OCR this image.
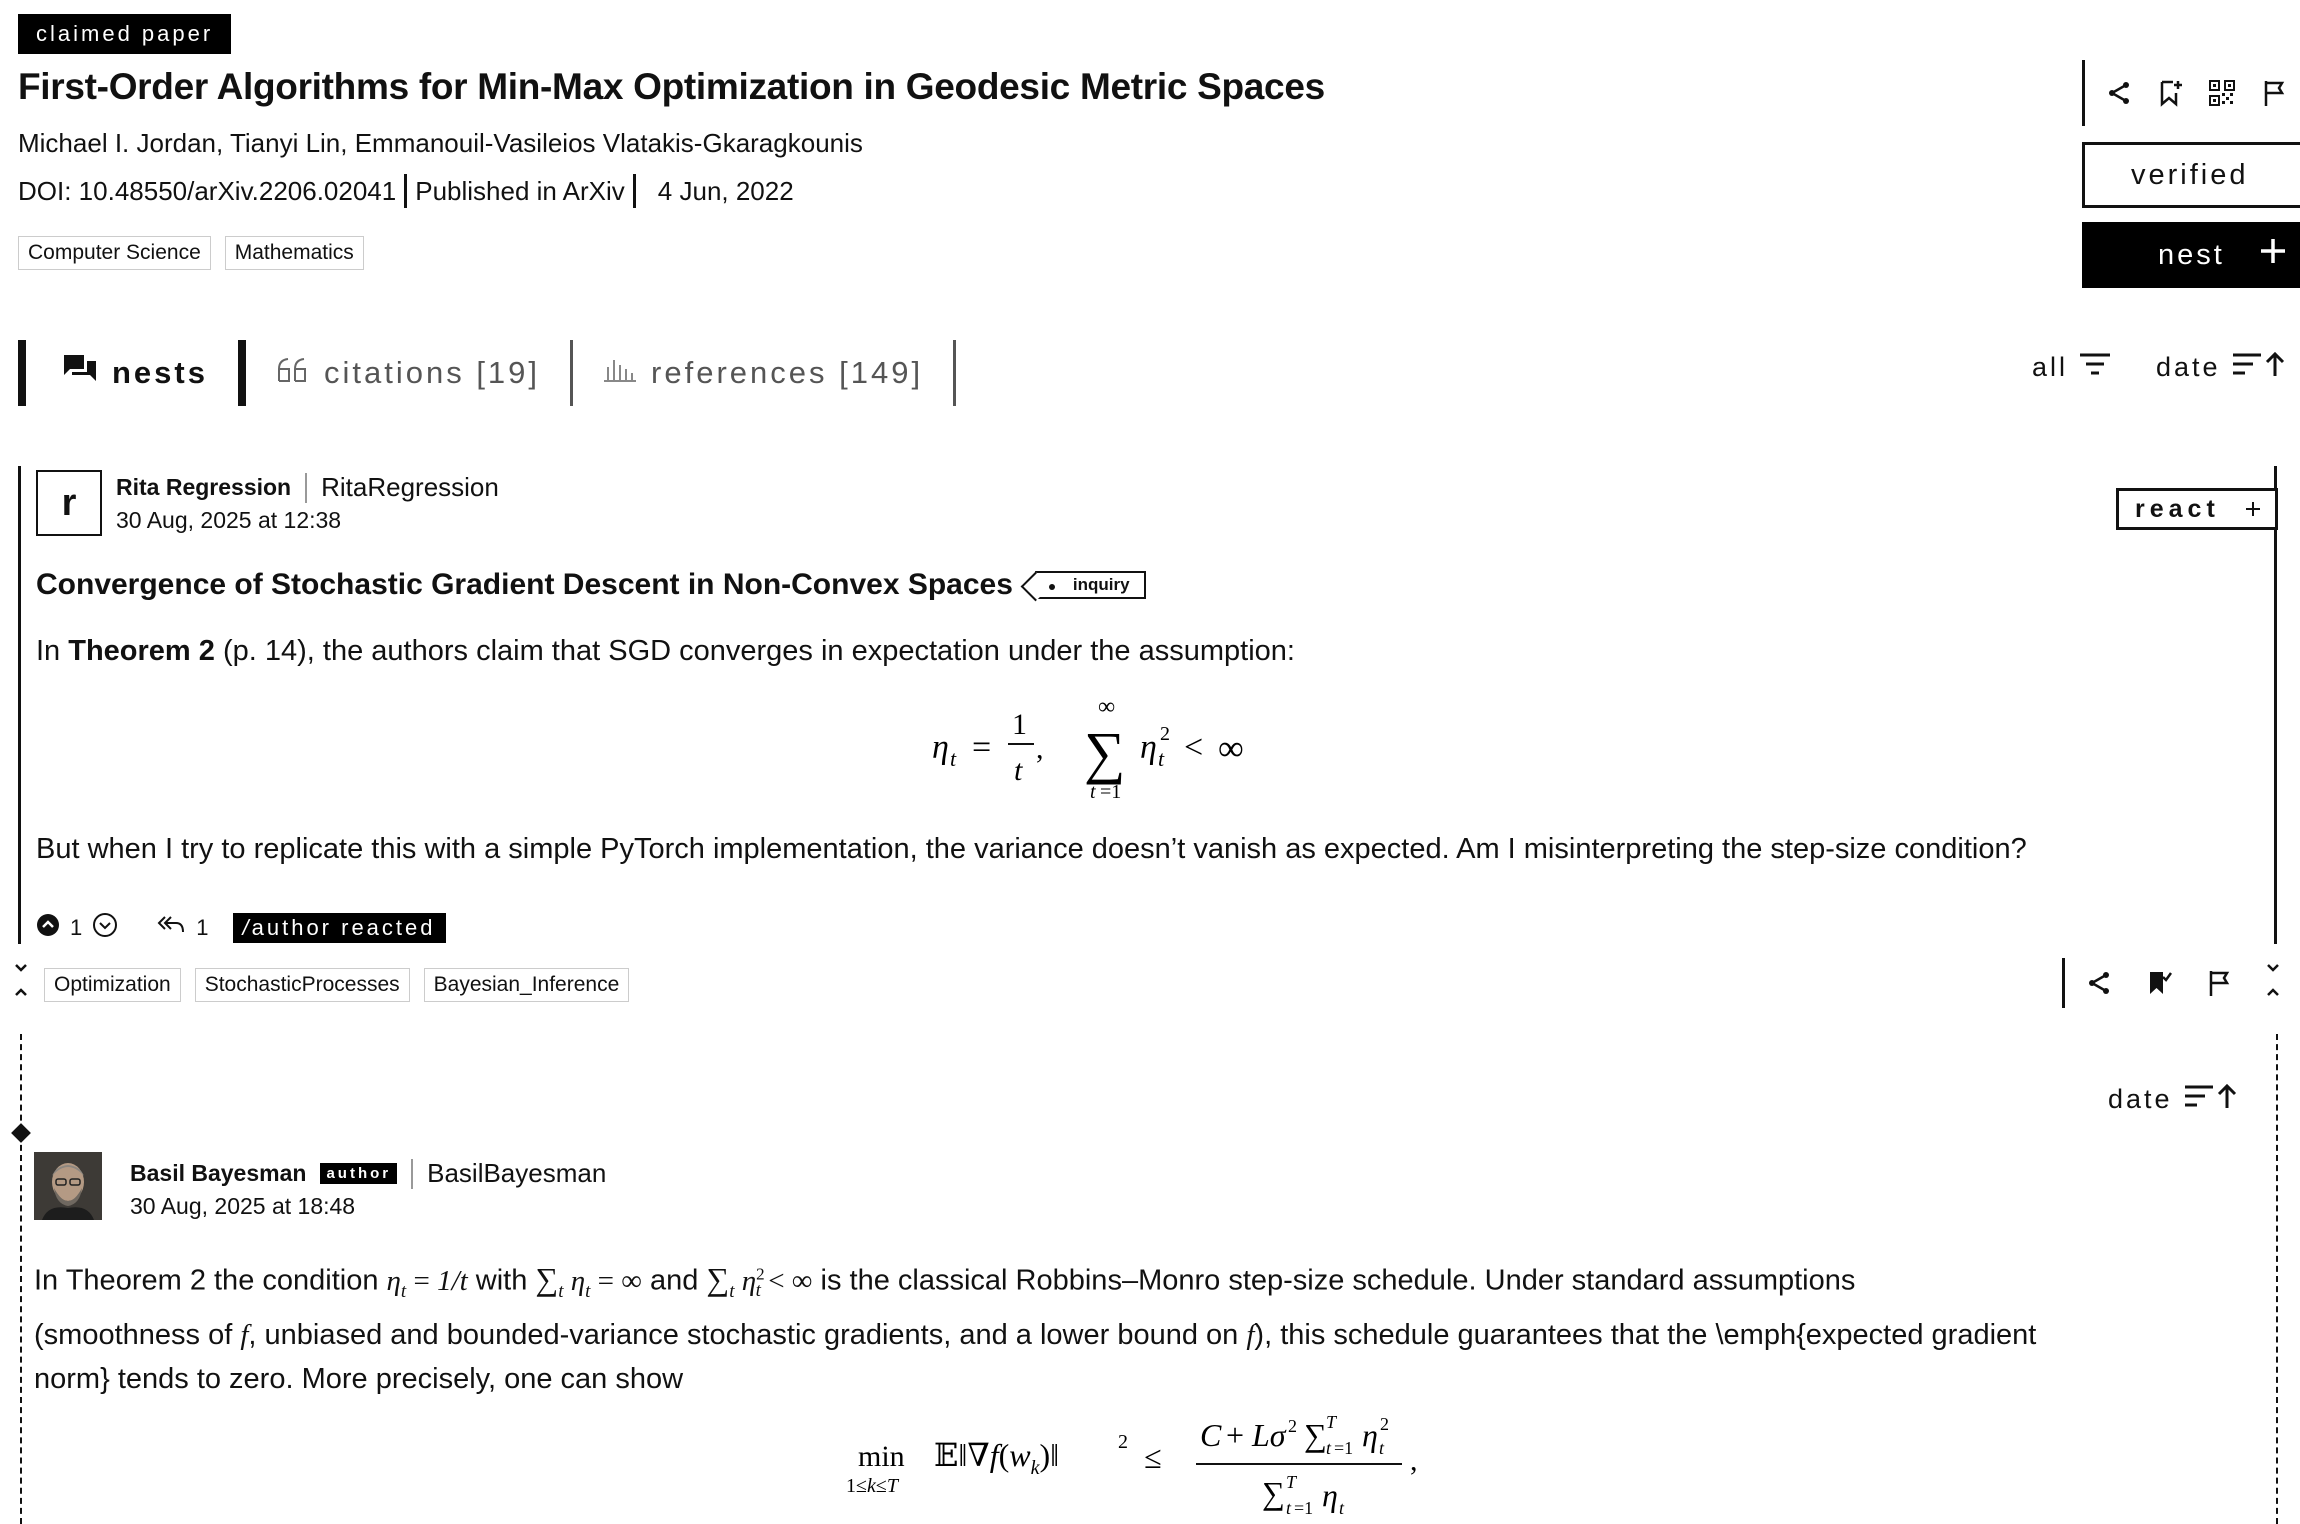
claimed paper
First-Order Algorithms for Min-Max Optimization in Geodesic Metric Spaces
Michael I. Jordan, Tianyi Lin, Emmanouil-Vasileios Vlatakis-Gkaragkounis
DOI: 10.48550/arXiv.2206.02041 Published in ArXiv 4 Jun, 2022
Computer Science	Mathematics
verified
nest
nests	citations [19]	references [149]	all	date
r	Rita Regression RitaRegression
30 Aug, 2025 at 12:38	react
Convergence of Stochastic Gradient Descent in Non-Convex Spaces	inquiry
In Theorem 2 (p. 14), the authors claim that SGD converges in expectation under the assumption:
η t =
1
t
,
∞
∑
t =1
η 2
t < ∞
But when I try to replicate this with a simple PyTorch implementation, the variance doesn’t vanish as expected. Am I misinterpreting the step-size condition?
1	1	/author reacted
Optimization	StochasticProcesses	Bayesian_Inference
date
Basil Bayesman	author BasilBayesman
30 Aug, 2025 at 18:48
In Theorem 2 the condition $\eta_t = 1/t$ with $\sum_t$ $\eta_t$ = ∞ and $\sum_t$ $\eta^2_t$ < ∞ is the classical Robbins–Monro step-size schedule. Under standard assumptions
(smoothness of f, unbiased and bounded-variance stochastic gradients, and a lower bound on f), this schedule guarantees that the \emph{expected gradient
norm} tends to zero. More precisely, one can show
min
1≤k≤T
$𝔼‖\nabla f(w_k)‖$	2 ≤
C + Lσ 2 ∑ T
t =1 η 2
t
∑ T
t =1 η t
,
